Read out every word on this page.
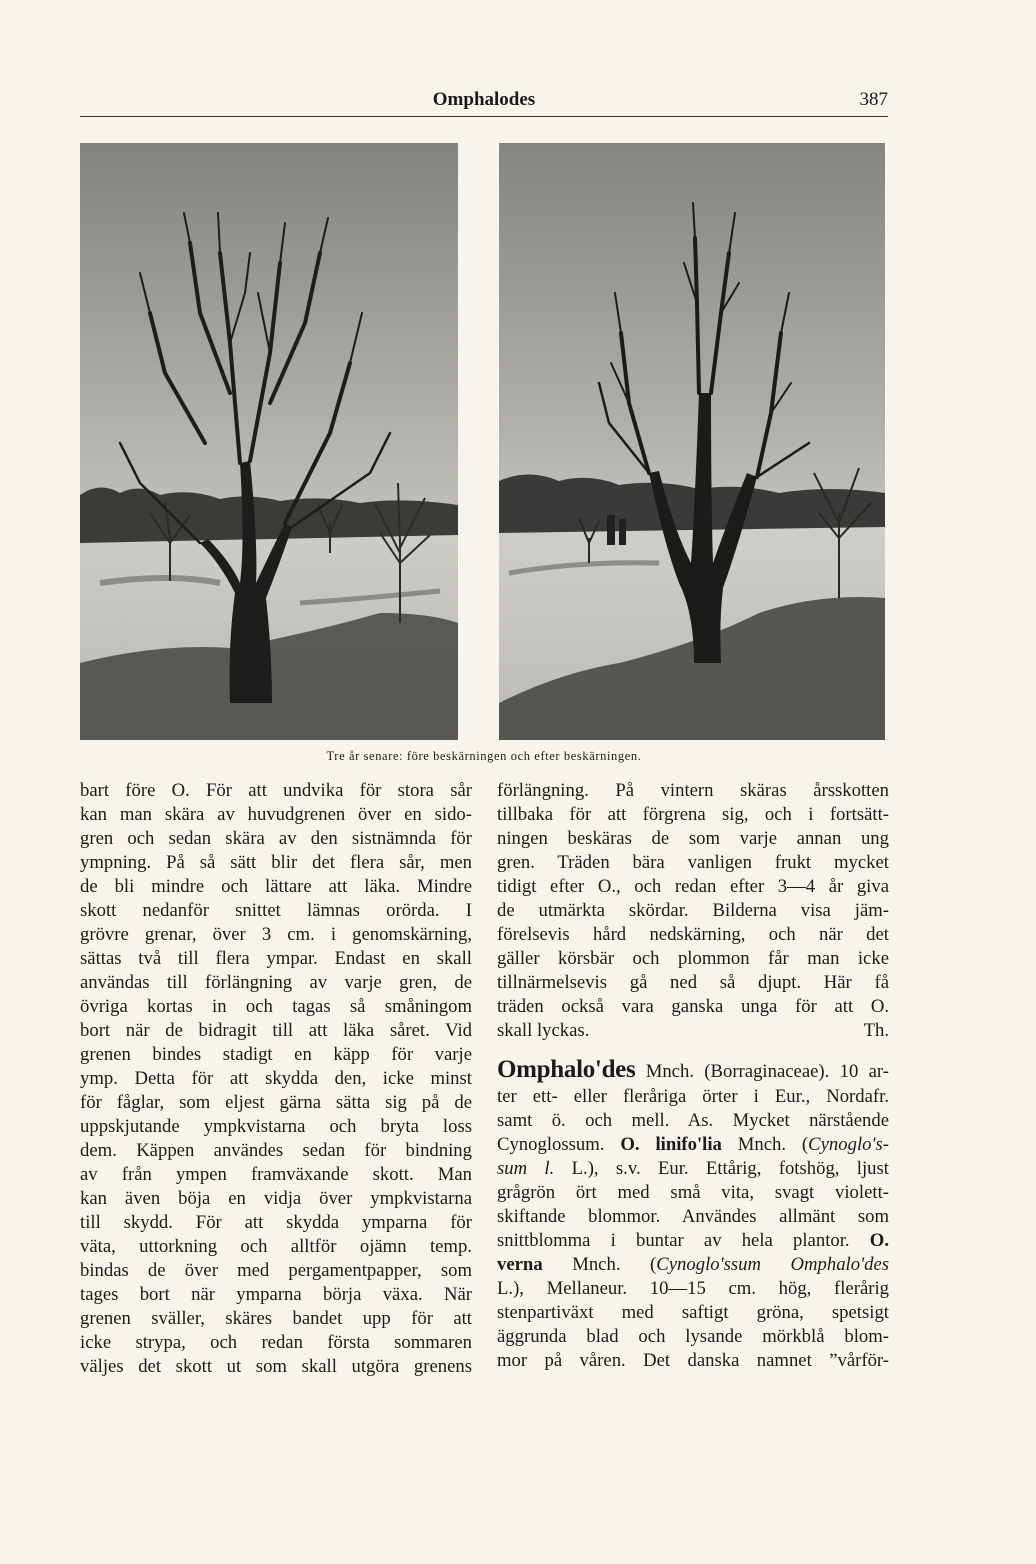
Omphalodes	387
Tre år senare: före beskärningen och efter beskärningen.
bart före O. För att undvika för stora sår
kan man skära av huvudgrenen över en sido-
gren och sedan skära av den sistnämnda för
ympning. På så sätt blir det flera sår, men
de bli mindre och lättare att läka. Mindre
skott nedanför snittet lämnas orörda. I
grövre grenar, över 3 cm. i genomskärning,
sättas två till flera ympar. Endast en skall
användas till förlängning av varje gren, de
övriga kortas in och tagas så småningom
bort när de bidragit till att läka såret. Vid
grenen bindes stadigt en käpp för varje
ymp. Detta för att skydda den, icke minst
för fåglar, som eljest gärna sätta sig på de
uppskjutande ympkvistarna och bryta loss
dem. Käppen användes sedan för bindning
av från ympen framväxande skott. Man
kan även böja en vidja över ympkvistarna
till skydd. För att skydda ymparna för
väta, uttorkning och alltför ojämn temp.
bindas de över med pergamentpapper, som
tages bort när ymparna börja växa. När
grenen sväller, skäres bandet upp för att
icke strypa, och redan första sommaren
väljes det skott ut som skall utgöra grenens
förlängning. På vintern skäras årsskotten
tillbaka för att förgrena sig, och i fortsätt-
ningen beskäras de som varje annan ung
gren. Träden bära vanligen frukt mycket
tidigt efter O., och redan efter 3—4 år giva
de utmärkta skördar. Bilderna visa jäm-
förelsevis hård nedskärning, och när det
gäller körsbär och plommon får man icke
tillnärmelsevis gå ned så djupt. Här få
träden också vara ganska unga för att O.
skall lyckas.	Th.
Omphalo'des Mnch. (Borraginaceae). 10 ar-
ter ett- eller fleråriga örter i Eur., Nordafr.
samt ö. och mell. As. Mycket närstående
Cynoglossum. O. linifo'lia Mnch. (Cynoglo's-
sum l. L.), s.v. Eur. Ettårig, fotshög, ljust
grågrön ört med små vita, svagt violett-
skiftande blommor. Användes allmänt som
snittblomma i buntar av hela plantor. O.
verna Mnch. (Cynoglo'ssum Omphalo'des
L.), Mellaneur. 10—15 cm. hög, flerårig
stenpartiväxt med saftigt gröna, spetsigt
äggrunda blad och lysande mörkblå blom-
mor på våren. Det danska namnet ”vårför-
